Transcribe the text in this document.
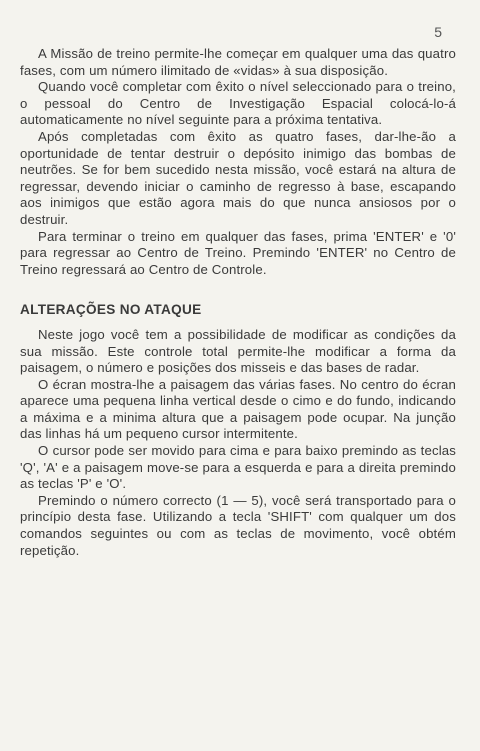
5

A Missão de treino permite-lhe começar em qualquer uma das quatro fases, com um número ilimitado de «vidas» à sua disposição.

Quando você completar com êxito o nível seleccionado para o treino, o pessoal do Centro de Investigação Espacial colocá-lo-á automaticamente no nível seguinte para a próxima tentativa.

Após completadas com êxito as quatro fases, dar-lhe-ão a oportunidade de tentar destruir o depósito inimigo das bombas de neutrões. Se for bem sucedido nesta missão, você estará na altura de regressar, devendo iniciar o caminho de regresso à base, escapando aos inimigos que estão agora mais do que nunca ansiosos por o destruir.

Para terminar o treino em qualquer das fases, prima 'ENTER' e '0' para regressar ao Centro de Treino. Premindo 'ENTER' no Centro de Treino regressará ao Centro de Controle.

ALTERAÇÕES NO ATAQUE

Neste jogo você tem a possibilidade de modificar as condições da sua missão. Este controle total permite-lhe modificar a forma da paisagem, o número e posições dos misseis e das bases de radar.

O écran mostra-lhe a paisagem das várias fases. No centro do écran aparece uma pequena linha vertical desde o cimo e do fundo, indicando a máxima e a minima altura que a paisagem pode ocupar. Na junção das linhas há um pequeno cursor intermitente.

O cursor pode ser movido para cima e para baixo premindo as teclas 'Q', 'A' e a paisagem move-se para a esquerda e para a direita premindo as teclas 'P' e 'O'.

Premindo o número correcto (1 — 5), você será transportado para o princípio desta fase. Utilizando a tecla 'SHIFT' com qualquer um dos comandos seguintes ou com as teclas de movimento, você obtém repetição.
